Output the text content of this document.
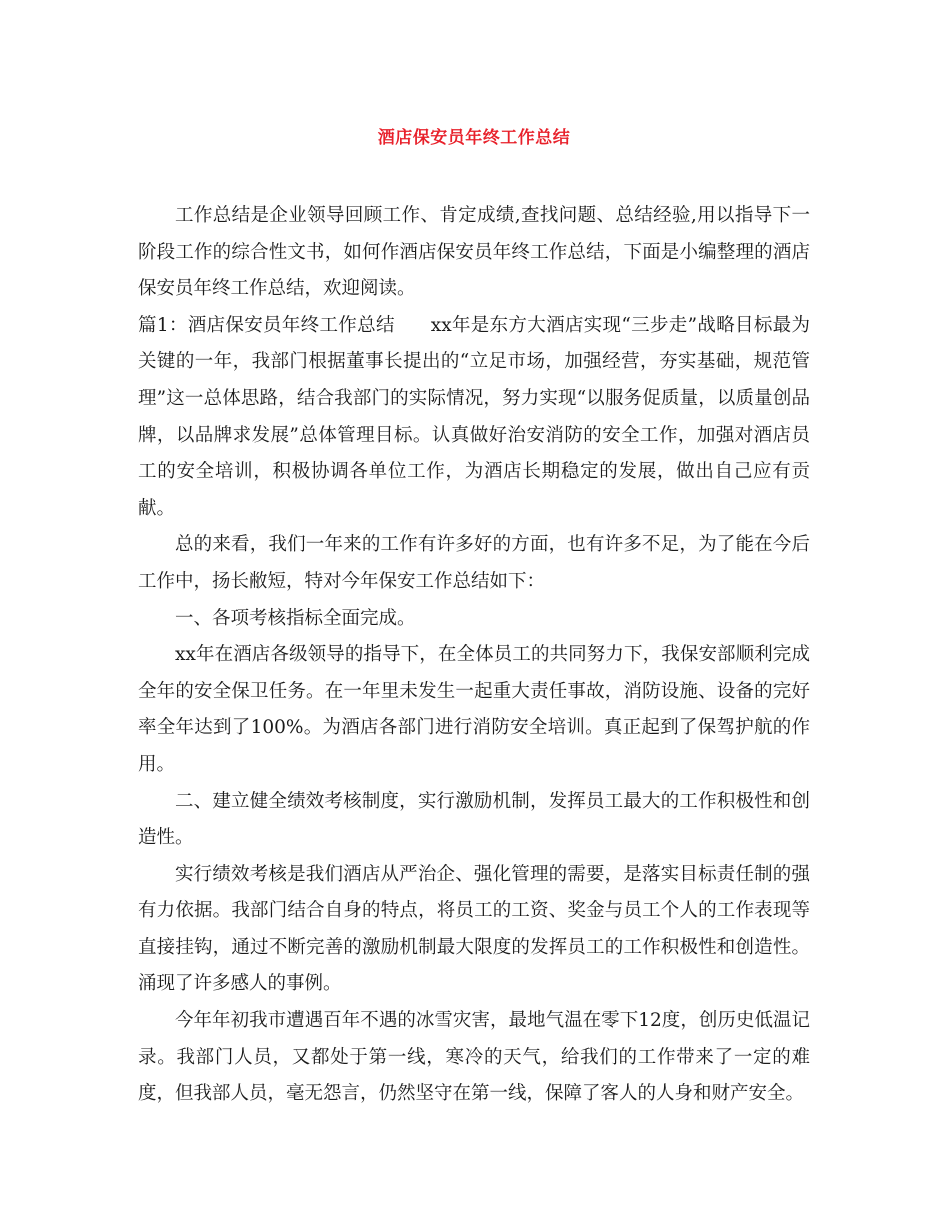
酒店保安员年终工作总结

工作总结是企业领导回顾工作、肯定成绩,查找问题、总结经验,用以指导下一阶段工作的综合性文书，如何作酒店保安员年终工作总结，下面是小编整理的酒店保安员年终工作总结，欢迎阅读。

篇1：酒店保安员年终工作总结 xx年是东方大酒店实现“三步走”战略目标最为关键的一年，我部门根据董事长提出的“立足市场，加强经营，夯实基础，规范管理”这一总体思路，结合我部门的实际情况，努力实现“以服务促质量，以质量创品牌，以品牌求发展”总体管理目标。认真做好治安消防的安全工作，加强对酒店员工的安全培训，积极协调各单位工作，为酒店长期稳定的发展，做出自己应有贡献。

总的来看，我们一年来的工作有许多好的方面，也有许多不足，为了能在今后工作中，扬长敝短，特对今年保安工作总结如下：

一、各项考核指标全面完成。

xx年在酒店各级领导的指导下，在全体员工的共同努力下，我保安部顺利完成全年的安全保卫任务。在一年里未发生一起重大责任事故，消防设施、设备的完好率全年达到了100%。为酒店各部门进行消防安全培训。真正起到了保驾护航的作用。

二、建立健全绩效考核制度，实行激励机制，发挥员工最大的工作积极性和创造性。

实行绩效考核是我们酒店从严治企、强化管理的需要，是落实目标责任制的强有力依据。我部门结合自身的特点，将员工的工资、奖金与员工个人的工作表现等直接挂钩，通过不断完善的激励机制最大限度的发挥员工的工作积极性和创造性。涌现了许多感人的事例。

今年年初我市遭遇百年不遇的冰雪灾害，最地气温在零下12度，创历史低温记录。我部门人员，又都处于第一线，寒冷的天气，给我们的工作带来了一定的难度，但我部人员，毫无怨言，仍然坚守在第一线，保障了客人的人身和财产安全。
